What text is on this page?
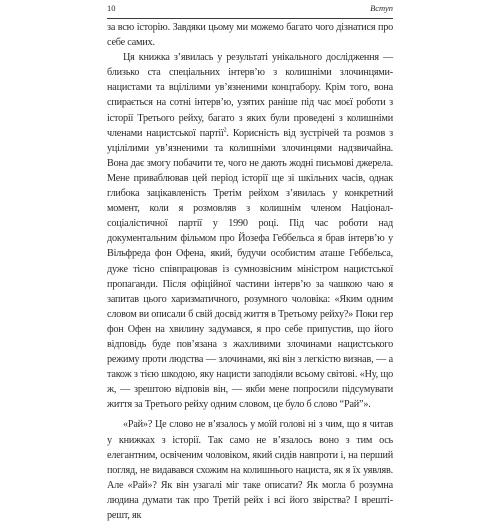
10	Вступ

за всю історію. Завдяки цьому ми можемо багато чого дізнатися про себе самих.

Ця книжка з’явилась у результаті унікального дослідження — близько ста спеціальних інтерв’ю з колишніми злочинцями-нацистами та вцілілими ув’язненими концтабору. Крім того, вона спирається на сотні інтерв’ю, узятих раніше під час моєї роботи з історії Третього рейху, багато з яких були проведені з колишніми членами нацистської партії$^2$. Корисність від зустрічей та розмов з уцілілими ув’язненими та колишніми злочинцями надзвичайна. Вона дає змогу побачити те, чого не дають жодні письмові джерела. Мене приваблював цей період історії ще зі шкільних часів, однак глибока зацікавленість Третім рейхом з’явилась у конкретний момент, коли я розмовляв з колишнім членом Націонал-соціалістичної партії у 1990 році. Під час роботи над документальним фільмом про Йозефа Геббельса я брав інтерв’ю у Вільфреда фон Офена, який, будучи особистим аташе Геббельса, дуже тісно співпрацював із сумнозвісним міністром нацистської пропаганди. Після офіційної частини інтерв’ю за чашкою чаю я запитав цього харизматичного, розумного чоловіка: «Яким одним словом ви описали б свій досвід життя в Третьому рейху?» Поки гер фон Офен на хвилину задумався, я про себе припустив, що його відповідь буде пов’язана з жахливими злочинами нацистського режиму проти людства — злочинами, які він з легкістю визнав, — а також з тією шкодою, яку нацисти заподіяли всьому світові. «Ну, що ж, — зрештою відповів він, — якби мене попросили підсумувати життя за Третього рейху одним словом, це було б слово “Рай”».

«Рай»? Це слово не в’язалось у моїй голові ні з чим, що я читав у книжках з історії. Так само не в’язалось воно з тим ось елегантним, освіченим чоловіком, який сидів навпроти і, на перший погляд, не видавався схожим на колишнього нациста, як я їх уявляв. Але «Рай»? Як він узагалі міг таке описати? Як могла б розумна людина думати так про Третій рейх і всі його звірства? І врешті-решт, як
